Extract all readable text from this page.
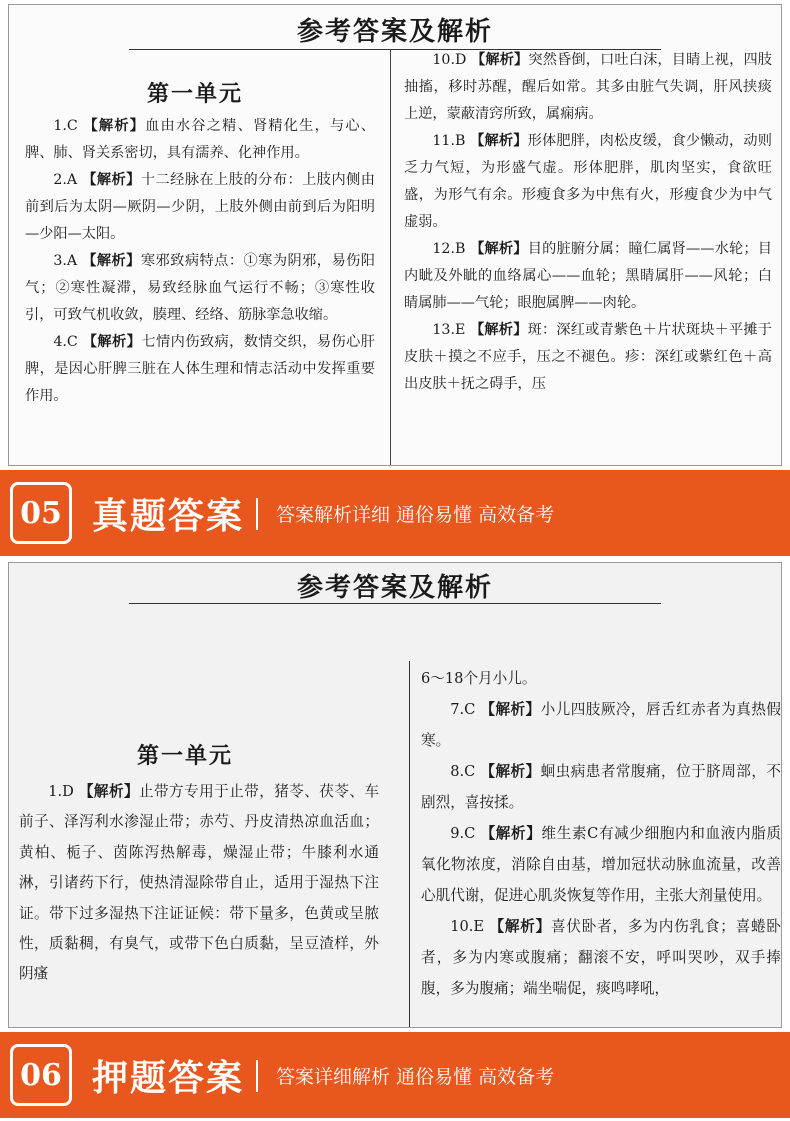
参考答案及解析
第一单元

1.C 【解析】血由水谷之精、肾精化生，与心、脾、肺、肾关系密切，具有濡养、化神作用。

2.A 【解析】十二经脉在上肢的分布：上肢内侧由前到后为太阴—厥阴—少阴，上肢外侧由前到后为阳明—少阳—太阳。

3.A 【解析】寒邪致病特点：①寒为阴邪，易伤阳气；②寒性凝滞，易致经脉血气运行不畅；③寒性收引，可致气机收敛，腠理、经络、筋脉挛急收缩。

4.C 【解析】七情内伤致病，数情交织，易伤心肝脾，是因心肝脾三脏在人体生理和情志活动中发挥重要作用。

10.D 【解析】突然昏倒，口吐白沫，目睛上视，四肢抽搐，移时苏醒，醒后如常。其多由脏气失调，肝风挟痰上逆，蒙蔽清窍所致，属痫病。

11.B 【解析】形体肥胖，肉松皮缓，食少懒动，动则乏力气短，为形盛气虚。形体肥胖，肌肉坚实，食欲旺盛，为形气有余。形瘦食多为中焦有火，形瘦食少为中气虚弱。

12.B 【解析】目的脏腑分属：瞳仁属肾——水轮；目内眦及外眦的血络属心——血轮；黑睛属肝——风轮；白睛属肺——气轮；眼胞属脾——肉轮。

13.E 【解析】斑：深红或青紫色＋片状斑块＋平摊于皮肤＋摸之不应手，压之不褪色。疹：深红或紫红色＋高出皮肤＋抚之碍手，压

05 真题答案 答案解析详细 通俗易懂 高效备考
参考答案及解析
第一单元

1.D 【解析】止带方专用于止带，猪苓、茯苓、车前子、泽泻利水渗湿止带；赤芍、丹皮清热凉血活血；黄柏、栀子、茵陈泻热解毒，燥湿止带；牛膝利水通淋，引诸药下行，使热清湿除带自止，适用于湿热下注证。带下过多湿热下注证证候：带下量多，色黄或呈脓性，质黏稠，有臭气，或带下色白质黏，呈豆渣样，外阴瘙

6～18个月小儿。

7.C 【解析】小儿四肢厥冷，唇舌红赤者为真热假寒。

8.C 【解析】蛔虫病患者常腹痛，位于脐周部，不剧烈，喜按揉。

9.C 【解析】维生素C有减少细胞内和血液内脂质氧化物浓度，消除自由基，增加冠状动脉血流量，改善心肌代谢，促进心肌炎恢复等作用，主张大剂量使用。

10.E 【解析】喜伏卧者，多为内伤乳食；喜蜷卧者，多为内寒或腹痛；翻滚不安，呼叫哭吵，双手捧腹，多为腹痛；端坐喘促，痰鸣哮吼，

06 押题答案 答案详细解析 通俗易懂 高效备考
